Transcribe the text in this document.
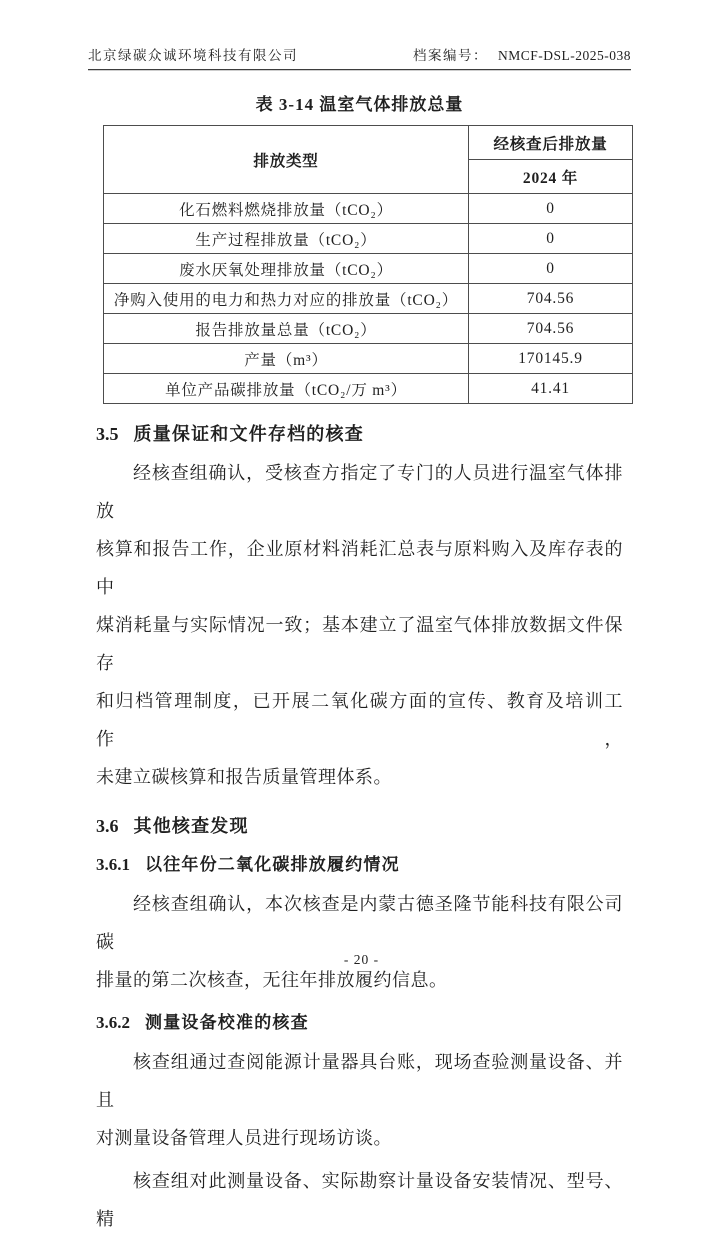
北京绿碳众诚环境科技有限公司	档案编号： NMCF-DSL-2025-038
表 3-14 温室气体排放总量
排放类型	经核查后排放量
	2024 年
化石燃料燃烧排放量（tCO₂）	0
生产过程排放量（tCO₂）	0
废水厌氧处理排放量（tCO₂）	0
净购入使用的电力和热力对应的排放量（tCO₂）	704.56
报告排放量总量（tCO₂）	704.56
产量（m³）	170145.9
单位产品碳排放量（tCO₂/万 m³）	41.41
3.5 质量保证和文件存档的核查
经核查组确认，受核查方指定了专门的人员进行温室气体排放
核算和报告工作，企业原材料消耗汇总表与原料购入及库存表的中
煤消耗量与实际情况一致；基本建立了温室气体排放数据文件保存
和归档管理制度，已开展二氧化碳方面的宣传、教育及培训工作，
未建立碳核算和报告质量管理体系。
3.6 其他核查发现
3.6.1 以往年份二氧化碳排放履约情况
经核查组确认，本次核查是内蒙古德圣隆节能科技有限公司碳
排量的第二次核查，无往年排放履约信息。
3.6.2 测量设备校准的核查
核查组通过查阅能源计量器具台账，现场查验测量设备、并且
对测量设备管理人员进行现场访谈。
核查组对此测量设备、实际勘察计量设备安装情况、型号、精
- 20 -
